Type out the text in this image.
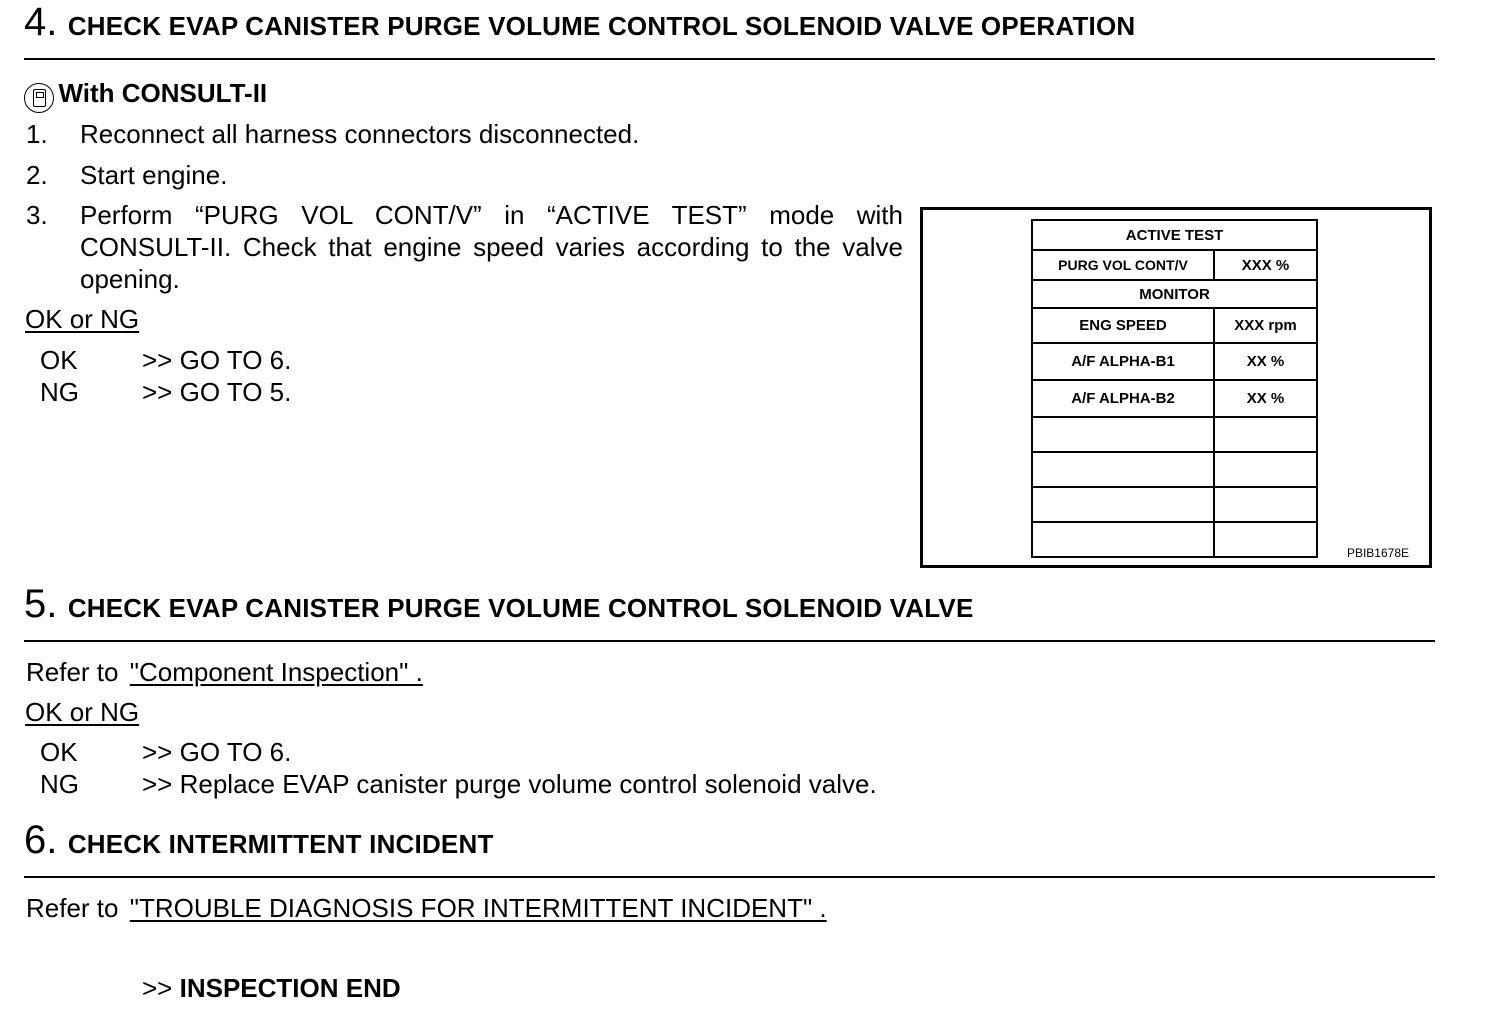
4. CHECK EVAP CANISTER PURGE VOLUME CONTROL SOLENOID VALVE OPERATION
With CONSULT-II
1. Reconnect all harness connectors disconnected.
2. Start engine.
3. Perform “PURG VOL CONT/V” in “ACTIVE TEST” mode with CONSULT-II. Check that engine speed varies according to the valve opening.
OK or NG
OK >> GO TO 6.
NG >> GO TO 5.
ACTIVE TEST	
PURG VOL CONT/V	XXX %
MONITOR	
ENG SPEED	XXX rpm
A/F ALPHA-B1	XX %
A/F ALPHA-B2	XX %

PBIB1678E
5. CHECK EVAP CANISTER PURGE VOLUME CONTROL SOLENOID VALVE
Refer to "Component Inspection" .
OK or NG
OK >> GO TO 6.
NG >> Replace EVAP canister purge volume control solenoid valve.
6. CHECK INTERMITTENT INCIDENT
Refer to "TROUBLE DIAGNOSIS FOR INTERMITTENT INCIDENT" .
>> INSPECTION END
